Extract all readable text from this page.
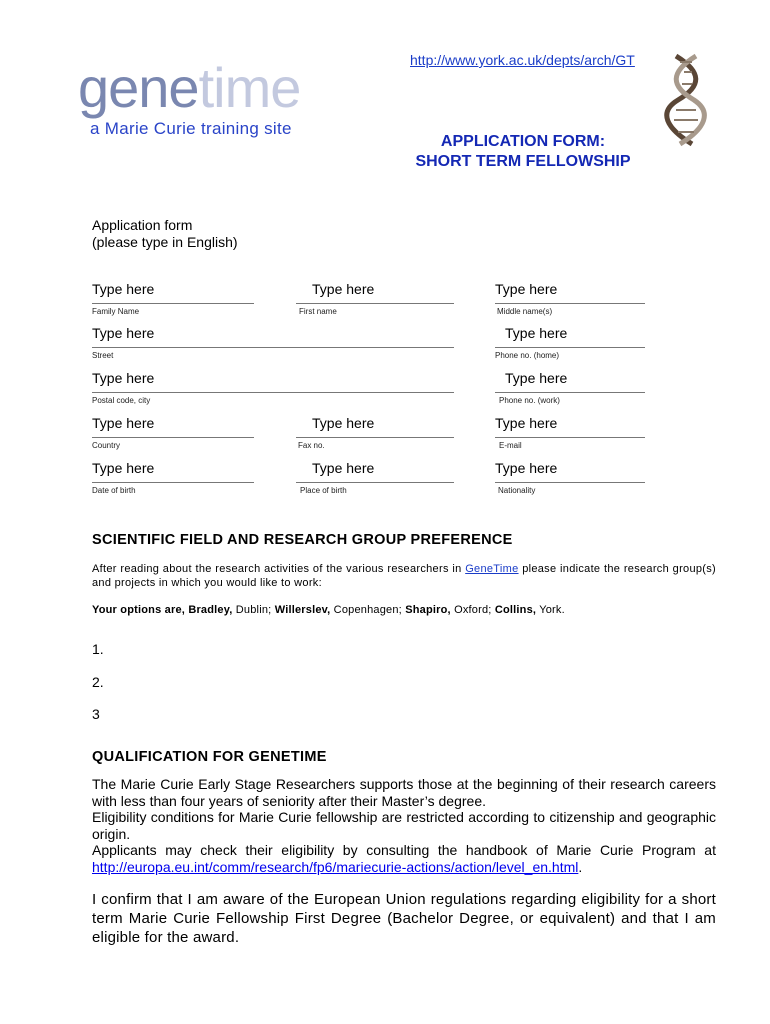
http://www.york.ac.uk/depts/arch/GT
genetime
a Marie Curie training site
APPLICATION FORM:
SHORT TERM FELLOWSHIP
Application form
(please type in English)
Type here
Family Name
Type here
First name
Type here
Middle name(s)
Type here
Street
Type here
Phone no. (home)
Type here
Postal code, city
Type here
Phone no. (work)
Type here
Country
Type here
Fax no.
Type here
E-mail
Type here
Date of birth
Type here
Place of birth
Type here
Nationality
SCIENTIFIC FIELD AND RESEARCH GROUP PREFERENCE
After reading about the research activities of the various researchers in GeneTime please indicate the research group(s) and projects in which you would like to work:
Your options are, Bradley, Dublin; Willerslev, Copenhagen; Shapiro, Oxford; Collins, York.
1.
2.
3
QUALIFICATION FOR GENETIME
The Marie Curie Early Stage Researchers supports those at the beginning of their research careers with less than four years of seniority after their Master’s degree.
Eligibility conditions for Marie Curie fellowship are restricted according to citizenship and geographic origin.
Applicants may check their eligibility by consulting the handbook of Marie Curie Program at http://europa.eu.int/comm/research/fp6/mariecurie-actions/action/level_en.html.
I confirm that I am aware of the European Union regulations regarding eligibility for a short term Marie Curie Fellowship First Degree (Bachelor Degree, or equivalent) and that I am eligible for the award.
